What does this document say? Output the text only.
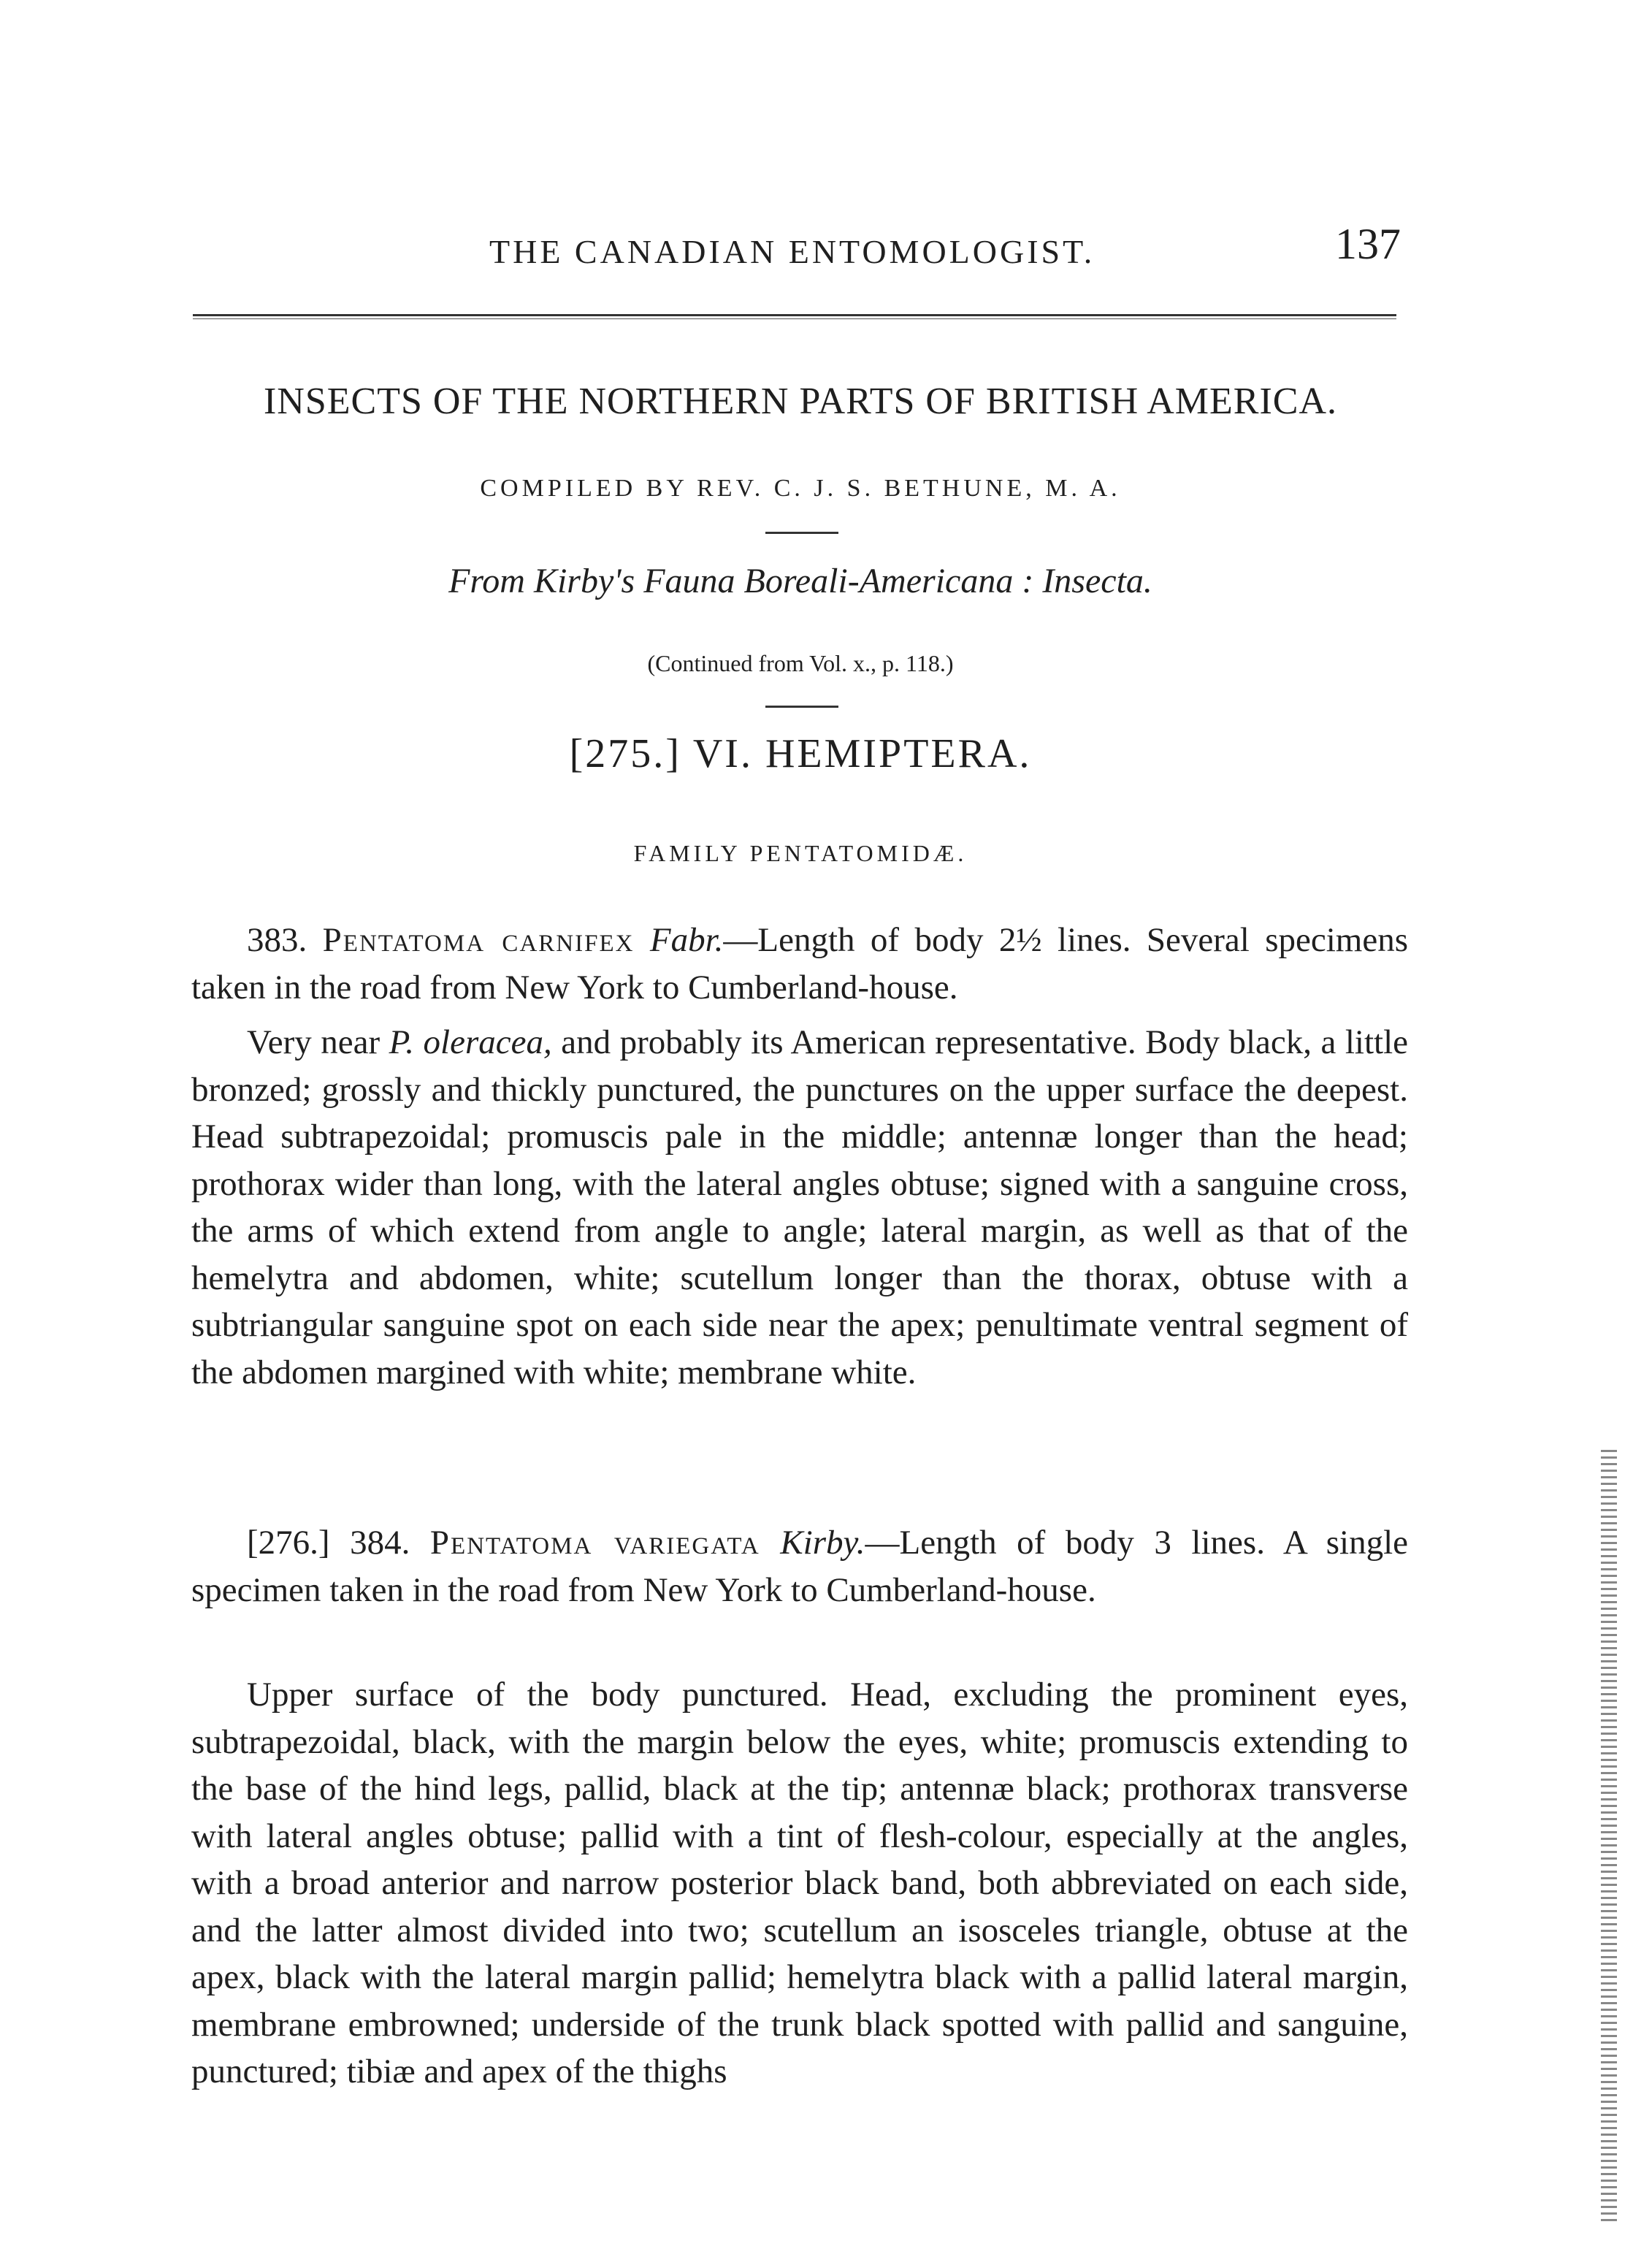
THE CANADIAN ENTOMOLOGIST.	137
INSECTS OF THE NORTHERN PARTS OF BRITISH AMERICA.
COMPILED BY REV. C. J. S. BETHUNE, M. A.
From Kirby's Fauna Boreali-Americana : Insecta.
(Continued from Vol. x., p. 118.)
[275.] VI. HEMIPTERA.
FAMILY PENTATOMIDÆ.
383. Pentatoma carnifex Fabr.—Length of body 2½ lines. Several specimens taken in the road from New York to Cumberland-house.
Very near P. oleracea, and probably its American representative. Body black, a little bronzed; grossly and thickly punctured, the punctures on the upper surface the deepest. Head subtrapezoidal; promuscis pale in the middle; antennæ longer than the head; prothorax wider than long, with the lateral angles obtuse; signed with a sanguine cross, the arms of which extend from angle to angle; lateral margin, as well as that of the hemelytra and abdomen, white; scutellum longer than the thorax, obtuse with a subtriangular sanguine spot on each side near the apex; penultimate ventral segment of the abdomen margined with white; membrane white.
[276.] 384. Pentatoma variegata Kirby.—Length of body 3 lines. A single specimen taken in the road from New York to Cumberland-house.
Upper surface of the body punctured. Head, excluding the prominent eyes, subtrapezoidal, black, with the margin below the eyes, white; promuscis extending to the base of the hind legs, pallid, black at the tip; antennæ black; prothorax transverse with lateral angles obtuse; pallid with a tint of flesh-colour, especially at the angles, with a broad anterior and narrow posterior black band, both abbreviated on each side, and the latter almost divided into two; scutellum an isosceles triangle, obtuse at the apex, black with the lateral margin pallid; hemelytra black with a pallid lateral margin, membrane embrowned; underside of the trunk black spotted with pallid and sanguine, punctured; tibiæ and apex of the thighs
